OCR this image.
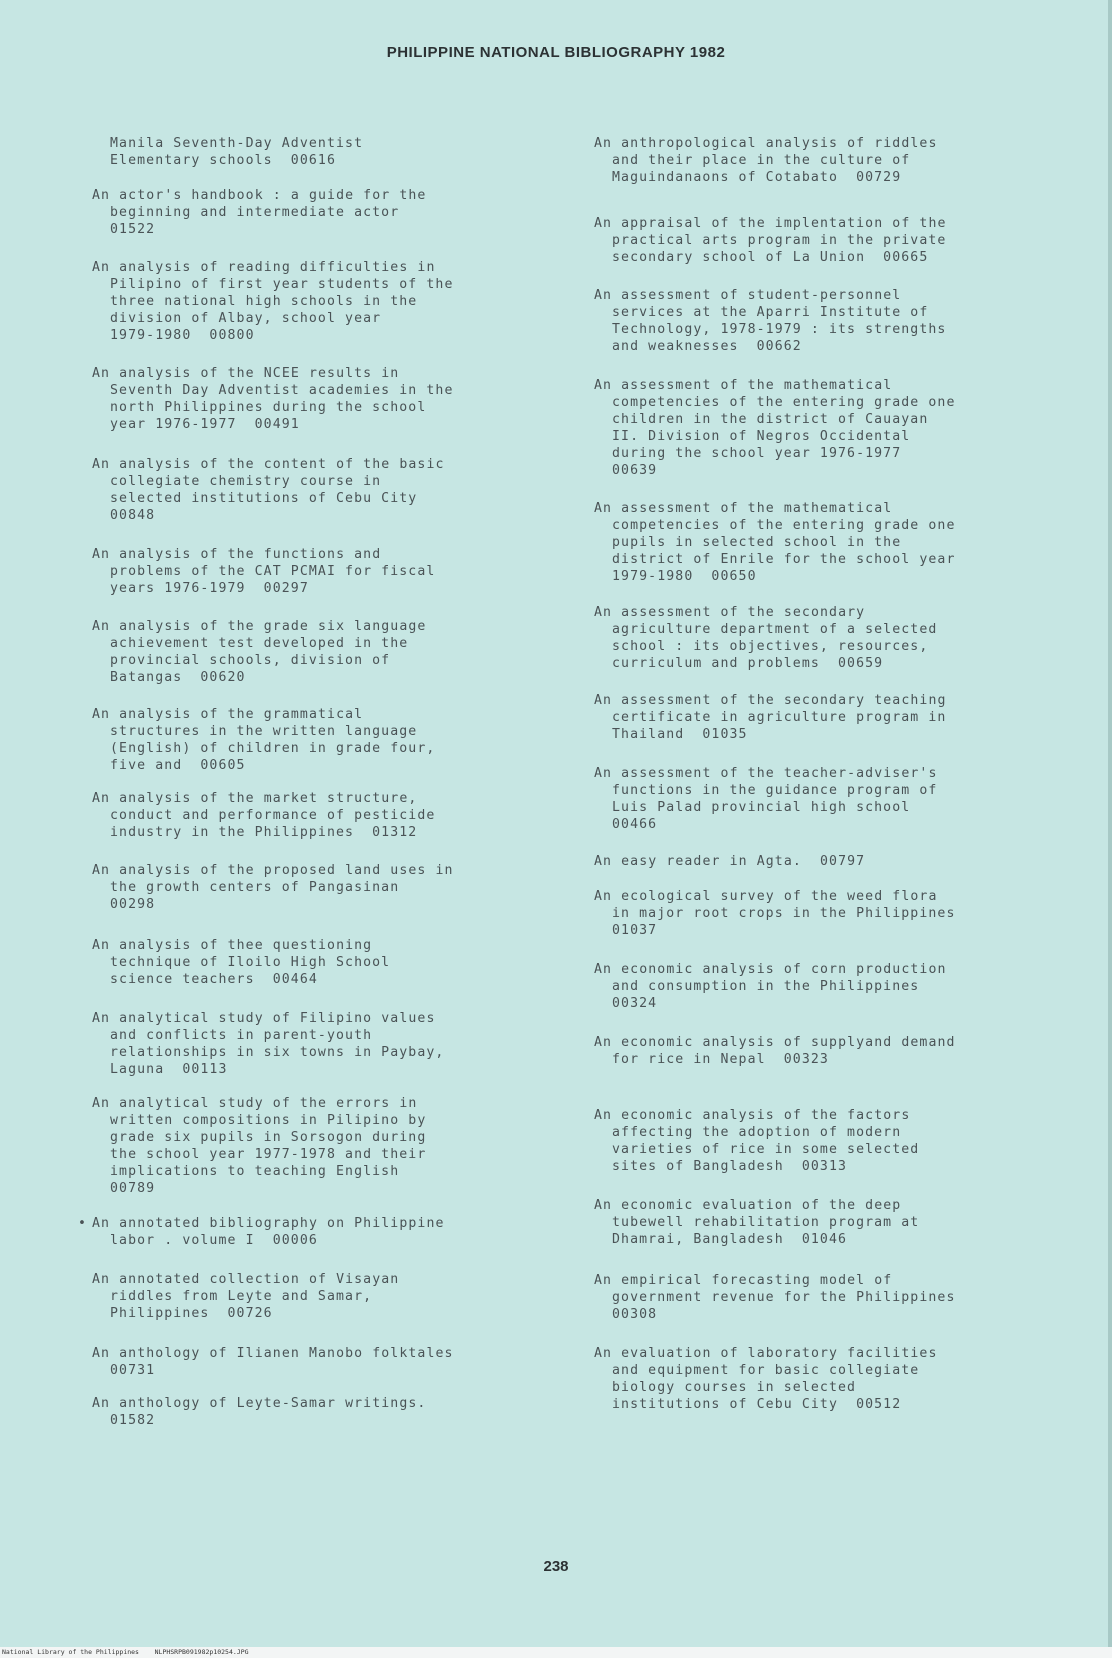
PHILIPPINE NATIONAL BIBLIOGRAPHY 1982
Manila Seventh-Day Adventist
Elementary schools  00616
An actor's handbook : a guide for the
beginning and intermediate actor
01522
An analysis of reading difficulties in
Pilipino of first year students of the
three national high schools in the
division of Albay, school year
1979-1980  00800
An analysis of the NCEE results in
Seventh Day Adventist academies in the
north Philippines during the school
year 1976-1977  00491
An analysis of the content of the basic
collegiate chemistry course in
selected institutions of Cebu City
00848
An analysis of the functions and
problems of the CAT PCMAI for fiscal
years 1976-1979  00297
An analysis of the grade six language
achievement test developed in the
provincial schools, division of
Batangas  00620
An analysis of the grammatical
structures in the written language
(English) of children in grade four,
five and  00605
An analysis of the market structure,
conduct and performance of pesticide
industry in the Philippines  01312
An analysis of the proposed land uses in
the growth centers of Pangasinan
00298
An analysis of thee questioning
technique of Iloilo High School
science teachers  00464
An analytical study of Filipino values
and conflicts in parent-youth
relationships in six towns in Paybay,
Laguna  00113
An analytical study of the errors in
written compositions in Pilipino by
grade six pupils in Sorsogon during
the school year 1977-1978 and their
implications to teaching English
00789
• An annotated bibliography on Philippine
labor . volume I  00006
An annotated collection of Visayan
riddles from Leyte and Samar,
Philippines  00726
An anthology of Ilianen Manobo folktales
00731
An anthology of Leyte-Samar writings.
01582
An anthropological analysis of riddles
and their place in the culture of
Maguindanaons of Cotabato  00729
An appraisal of the implentation of the
practical arts program in the private
secondary school of La Union  00665
An assessment of student-personnel
services at the Aparri Institute of
Technology, 1978-1979 : its strengths
and weaknesses  00662
An assessment of the mathematical
competencies of the entering grade one
children in the district of Cauayan
II. Division of Negros Occidental
during the school year 1976-1977
00639
An assessment of the mathematical
competencies of the entering grade one
pupils in selected school in the
district of Enrile for the school year
1979-1980  00650
An assessment of the secondary
agriculture department of a selected
school : its objectives, resources,
curriculum and problems  00659
An assessment of the secondary teaching
certificate in agriculture program in
Thailand  01035
An assessment of the teacher-adviser's
functions in the guidance program of
Luis Palad provincial high school
00466
An easy reader in Agta.  00797
An ecological survey of the weed flora
in major root crops in the Philippines
01037
An economic analysis of corn production
and consumption in the Philippines
00324
An economic analysis of supplyand demand
for rice in Nepal  00323
An economic analysis of the factors
affecting the adoption of modern
varieties of rice in some selected
sites of Bangladesh  00313
An economic evaluation of the deep
tubewell rehabilitation program at
Dhamrai, Bangladesh  01046
An empirical forecasting model of
government revenue for the Philippines
00308
An evaluation of laboratory facilities
and equipment for basic collegiate
biology courses in selected
institutions of Cebu City  00512
238
National Library of the Philippines    NLPHSRPB091982p10254.JPG
